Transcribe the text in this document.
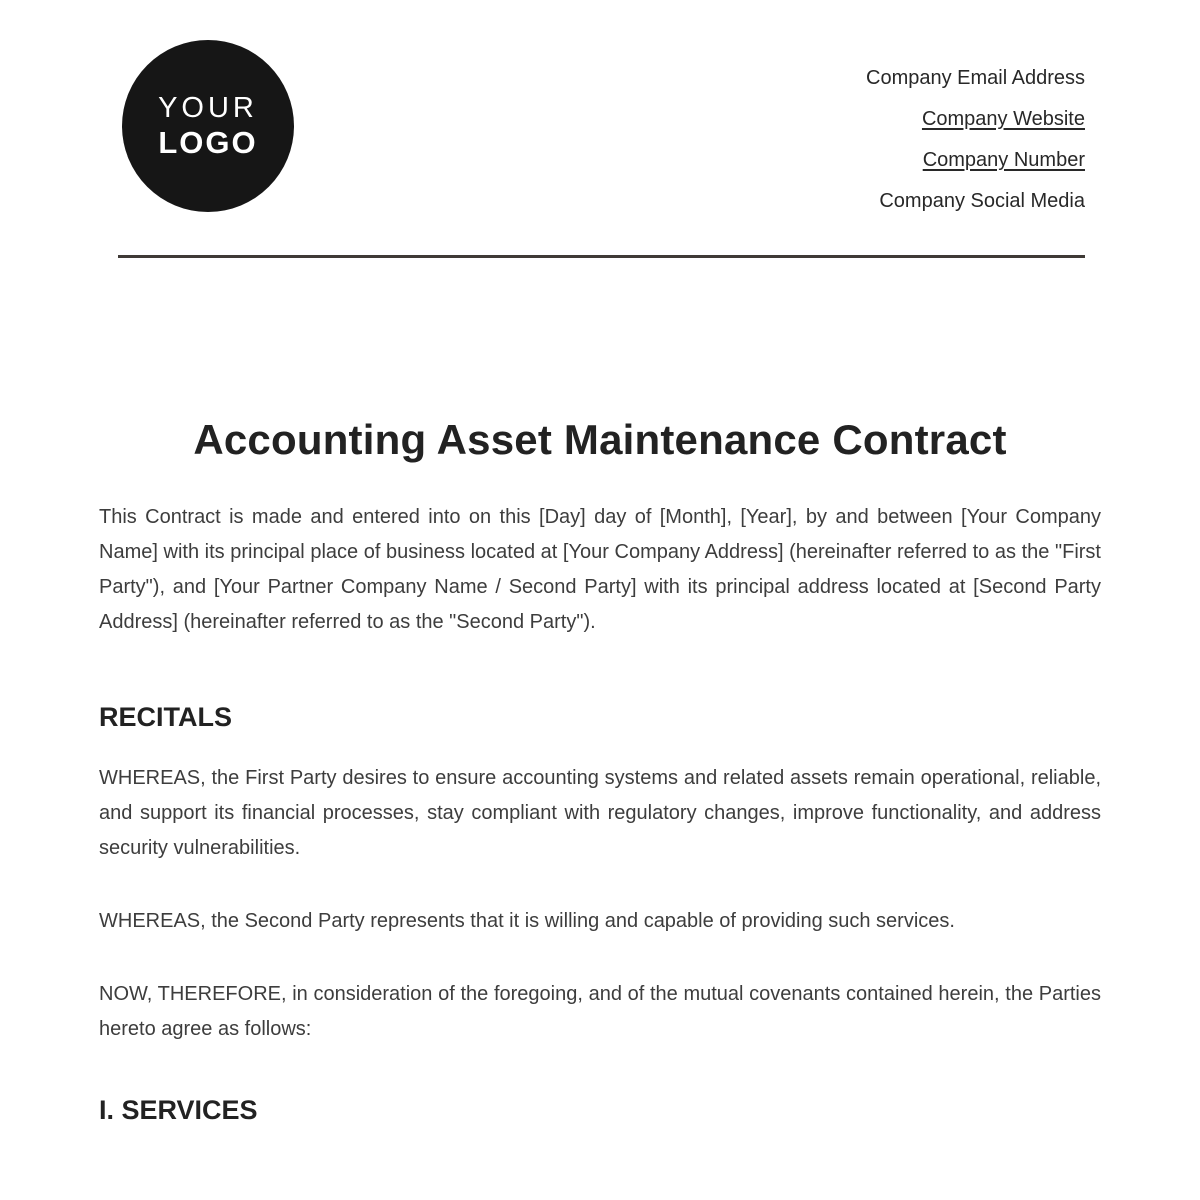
YOUR
LOGO
Company Email Address
Company Website
Company Number
Company Social Media
Accounting Asset Maintenance Contract

This Contract is made and entered into on this [Day] day of [Month], [Year], by and between [Your Company Name] with its principal place of business located at [Your Company Address] (hereinafter referred to as the "First Party"), and [Your Partner Company Name / Second Party] with its principal address located at [Second Party Address] (hereinafter referred to as the "Second Party").

RECITALS

WHEREAS, the First Party desires to ensure accounting systems and related assets remain operational, reliable, and support its financial processes, stay compliant with regulatory changes, improve functionality, and address security vulnerabilities.

WHEREAS, the Second Party represents that it is willing and capable of providing such services.

NOW, THEREFORE, in consideration of the foregoing, and of the mutual covenants contained herein, the Parties hereto agree as follows:

I. SERVICES
